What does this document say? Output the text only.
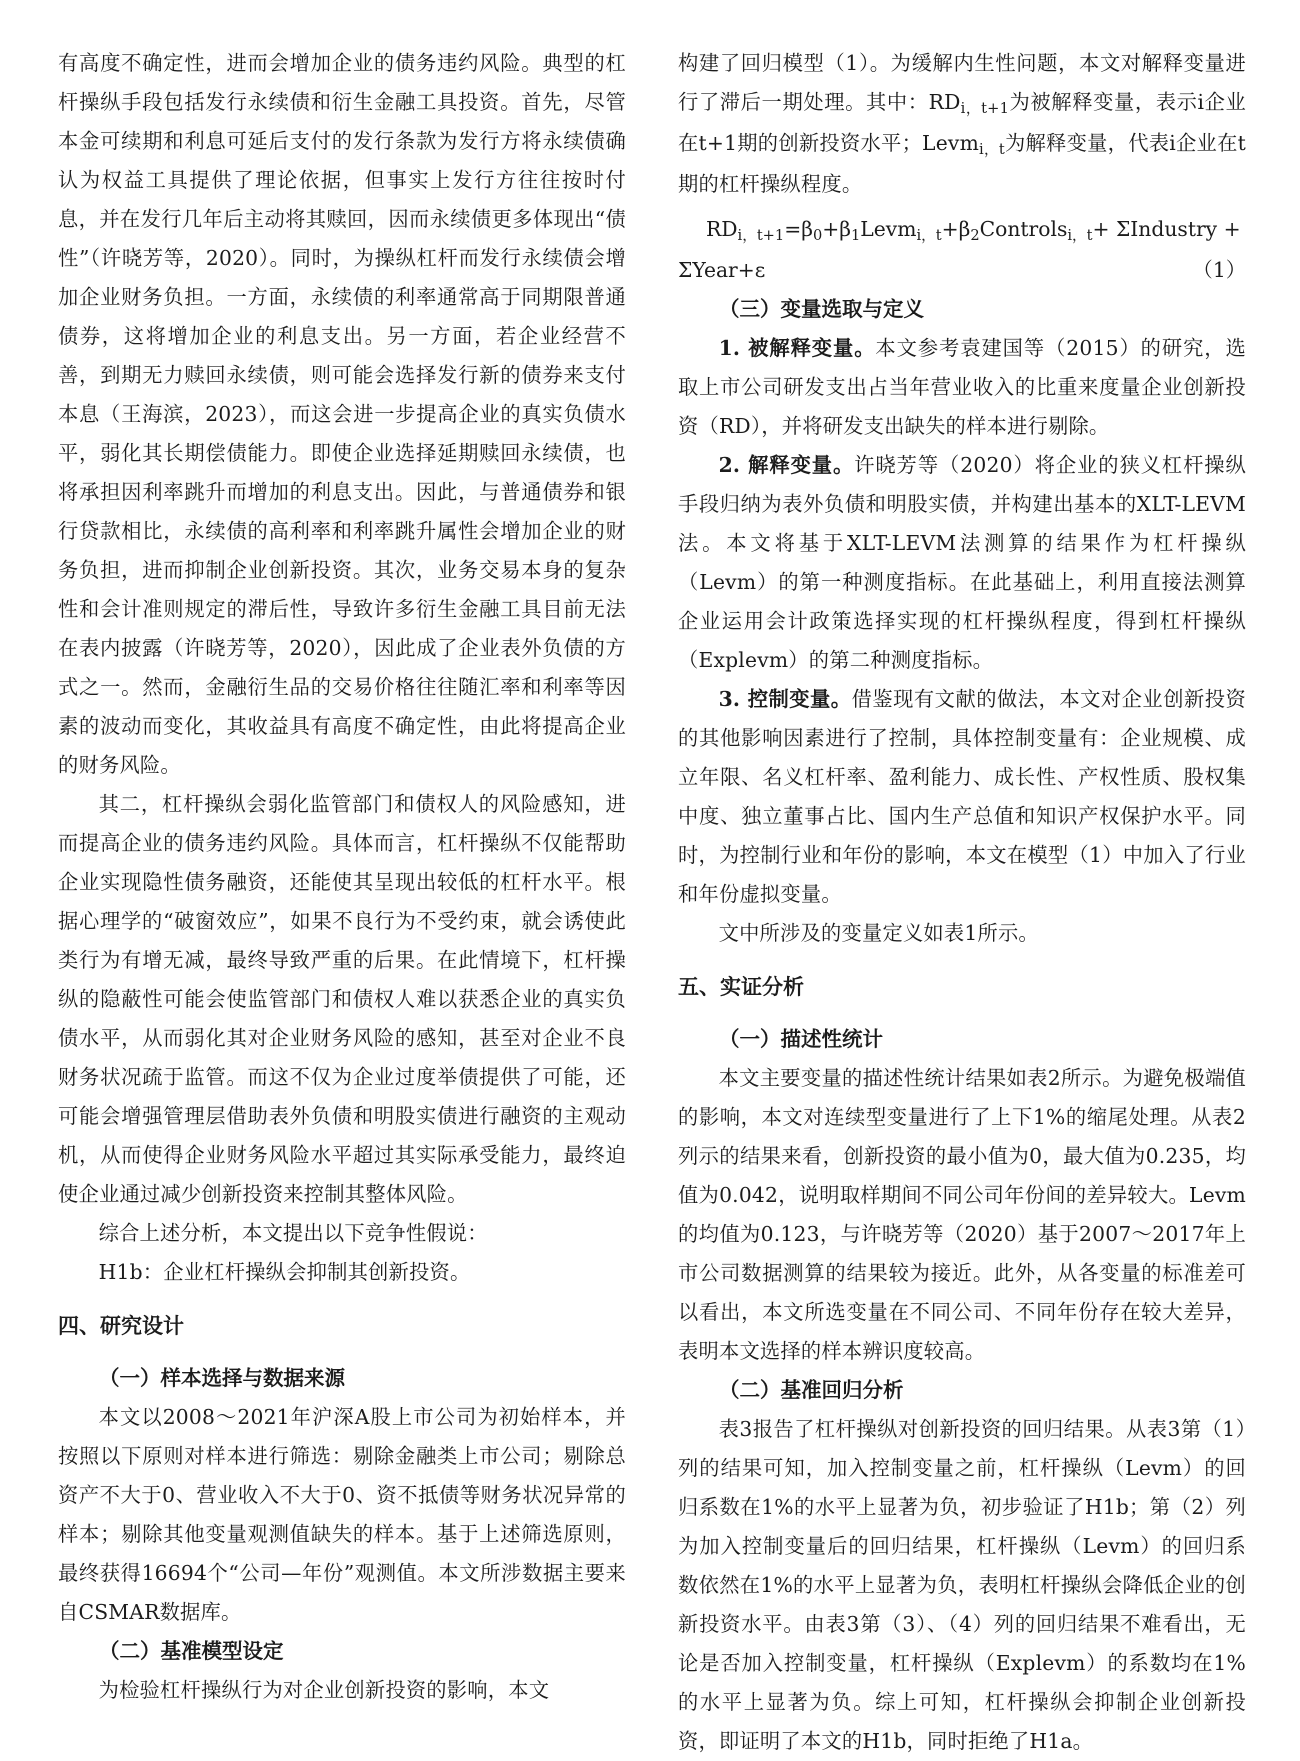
有高度不确定性，进而会增加企业的债务违约风险。典型的杠杆操纵手段包括发行永续债和衍生金融工具投资。首先，尽管本金可续期和利息可延后支付的发行条款为发行方将永续债确认为权益工具提供了理论依据，但事实上发行方往往按时付息，并在发行几年后主动将其赎回，因而永续债更多体现出“债性”（许晓芳等，2020）。同时，为操纵杠杆而发行永续债会增加企业财务负担。一方面，永续债的利率通常高于同期限普通债券，这将增加企业的利息支出。另一方面，若企业经营不善，到期无力赎回永续债，则可能会选择发行新的债券来支付本息（王海滨，2023），而这会进一步提高企业的真实负债水平，弱化其长期偿债能力。即使企业选择延期赎回永续债，也将承担因利率跳升而增加的利息支出。因此，与普通债券和银行贷款相比，永续债的高利率和利率跳升属性会增加企业的财务负担，进而抑制企业创新投资。其次，业务交易本身的复杂性和会计准则规定的滞后性，导致许多衍生金融工具目前无法在表内披露（许晓芳等，2020），因此成了企业表外负债的方式之一。然而，金融衍生品的交易价格往往随汇率和利率等因素的波动而变化，其收益具有高度不确定性，由此将提高企业的财务风险。

其二，杠杆操纵会弱化监管部门和债权人的风险感知，进而提高企业的债务违约风险。具体而言，杠杆操纵不仅能帮助企业实现隐性债务融资，还能使其呈现出较低的杠杆水平。根据心理学的“破窗效应”，如果不良行为不受约束，就会诱使此类行为有增无减，最终导致严重的后果。在此情境下，杠杆操纵的隐蔽性可能会使监管部门和债权人难以获悉企业的真实负债水平，从而弱化其对企业财务风险的感知，甚至对企业不良财务状况疏于监管。而这不仅为企业过度举债提供了可能，还可能会增强管理层借助表外负债和明股实债进行融资的主观动机，从而使得企业财务风险水平超过其实际承受能力，最终迫使企业通过减少创新投资来控制其整体风险。

综合上述分析，本文提出以下竞争性假说：

H1b：企业杠杆操纵会抑制其创新投资。

四、研究设计
（一）样本选择与数据来源

本文以2008～2021年沪深A股上市公司为初始样本，并按照以下原则对样本进行筛选：剔除金融类上市公司；剔除总资产不大于0、营业收入不大于0、资不抵债等财务状况异常的样本；剔除其他变量观测值缺失的样本。基于上述筛选原则，最终获得16694个“公司—年份”观测值。本文所涉数据主要来自CSMAR数据库。

（二）基准模型设定

为检验杠杆操纵行为对企业创新投资的影响，本文

构建了回归模型（1）。为缓解内生性问题，本文对解释变量进行了滞后一期处理。其中：$RD_{i,t+1}$为被解释变量，表示i企业在t+1期的创新投资水平；Levm$_{i,t}$为解释变量，代表i企业在t期的杠杆操纵程度。

$RD_{i,t+1}=\beta_0+\beta_1Levm_{i,t}+\beta_2Controls_{i,t}+$ ΣIndustry +
ΣYear+ε	（1）
（三）变量选取与定义

1. 被解释变量。本文参考袁建国等（2015）的研究，选取上市公司研发支出占当年营业收入的比重来度量企业创新投资（RD），并将研发支出缺失的样本进行剔除。

2. 解释变量。许晓芳等（2020）将企业的狭义杠杆操纵手段归纳为表外负债和明股实债，并构建出基本的XLT-LEVM法。本文将基于XLT-LEVM法测算的结果作为杠杆操纵（Levm）的第一种测度指标。在此基础上，利用直接法测算企业运用会计政策选择实现的杠杆操纵程度，得到杠杆操纵（Explevm）的第二种测度指标。

3. 控制变量。借鉴现有文献的做法，本文对企业创新投资的其他影响因素进行了控制，具体控制变量有：企业规模、成立年限、名义杠杆率、盈利能力、成长性、产权性质、股权集中度、独立董事占比、国内生产总值和知识产权保护水平。同时，为控制行业和年份的影响，本文在模型（1）中加入了行业和年份虚拟变量。

文中所涉及的变量定义如表1所示。

五、实证分析
（一）描述性统计

本文主要变量的描述性统计结果如表2所示。为避免极端值的影响，本文对连续型变量进行了上下1%的缩尾处理。从表2列示的结果来看，创新投资的最小值为0，最大值为0.235，均值为0.042，说明取样期间不同公司年份间的差异较大。Levm的均值为0.123，与许晓芳等（2020）基于2007～2017年上市公司数据测算的结果较为接近。此外，从各变量的标准差可以看出，本文所选变量在不同公司、不同年份存在较大差异，表明本文选择的样本辨识度较高。

（二）基准回归分析

表3报告了杠杆操纵对创新投资的回归结果。从表3第（1）列的结果可知，加入控制变量之前，杠杆操纵（Levm）的回归系数在1%的水平上显著为负，初步验证了H1b；第（2）列为加入控制变量后的回归结果，杠杆操纵（Levm）的回归系数依然在1%的水平上显著为负，表明杠杆操纵会降低企业的创新投资水平。由表3第（3）、（4）列的回归结果不难看出，无论是否加入控制变量，杠杆操纵（Explevm）的系数均在1%的水平上显著为负。综上可知，杠杆操纵会抑制企业创新投资，即证明了本文的H1b，同时拒绝了H1a。
